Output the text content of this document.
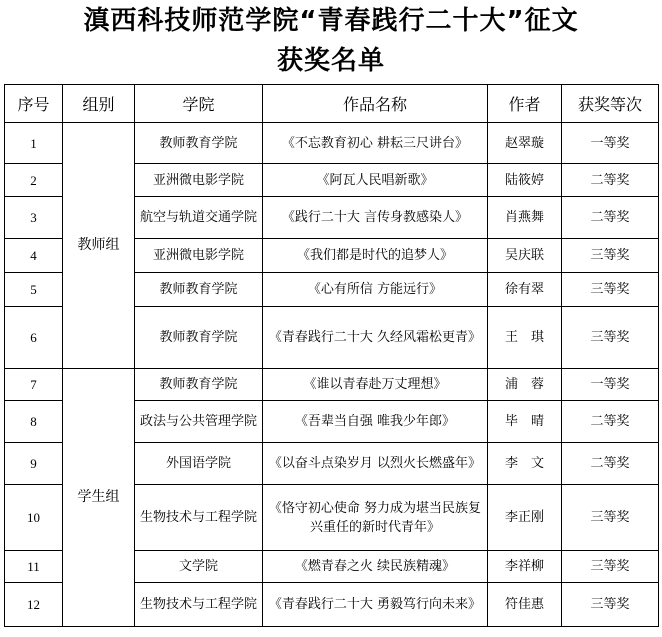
滇西科技师范学院“青春践行二十大”征文
获奖名单
序号	组别	学院	作品名称	作者	获奖等次
1	教师组	教师教育学院	《不忘教育初心 耕耘三尺讲台》	赵翠璇	一等奖
2		亚洲微电影学院	《阿瓦人民唱新歌》	陆筱婷	二等奖
3		航空与轨道交通学院	《践行二十大 言传身教感染人》	肖燕舞	二等奖
4		亚洲微电影学院	《我们都是时代的追梦人》	吴庆联	三等奖
5		教师教育学院	《心有所信 方能远行》	徐有翠	三等奖
6		教师教育学院	《青春践行二十大 久经风霜松更青》	王　琪	三等奖
7	学生组	教师教育学院	《谁以青春赴万丈理想》	浦　蓉	一等奖
8		政法与公共管理学院	《吾辈当自强 唯我少年郎》	毕　晴	二等奖
9		外国语学院	《以奋斗点染岁月 以烈火长燃盛年》	李　文	二等奖
10		生物技术与工程学院	《恪守初心使命 努力成为堪当民族复兴重任的新时代青年》	李正刚	三等奖
11		文学院	《燃青春之火 续民族精魂》	李祥柳	三等奖
12		生物技术与工程学院	《青春践行二十大 勇毅笃行向未来》	符佳惠	三等奖
